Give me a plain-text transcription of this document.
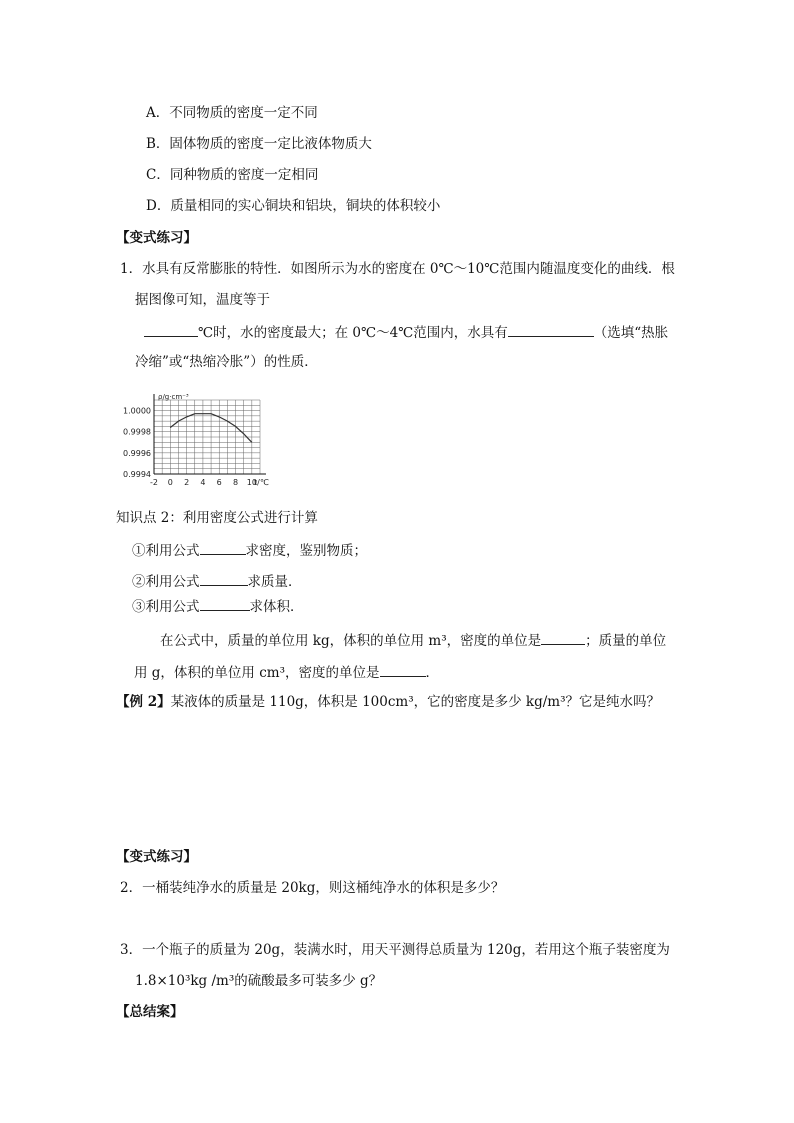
A．不同物质的密度一定不同
B．固体物质的密度一定比液体物质大
C．同种物质的密度一定相同
D．质量相同的实心铜块和铝块，铜块的体积较小
【变式练习】
1．水具有反常膨胀的特性．如图所示为水的密度在 0℃～10℃范围内随温度变化的曲线．根
据图像可知，温度等于
℃时，水的密度最大；在 0℃～4℃范围内，水具有	（选填“热胀
冷缩”或“热缩冷胀”）的性质．
1.0000
0.9998
0.9996
0.9994
-2 0 2 4 6 8 10
ρ/g·cm⁻³
t/℃
知识点 2：利用密度公式进行计算
①利用公式	求密度，鉴别物质；
②利用公式	求质量．
③利用公式	求体积．
在公式中，质量的单位用 kg，体积的单位用 m³，密度的单位是	；质量的单位
用 g，体积的单位用 cm³，密度的单位是	．
【例 2】某液体的质量是 110g，体积是 100cm³，它的密度是多少 kg/m³？它是纯水吗？
【变式练习】
2．一桶装纯净水的质量是 20kg，则这桶纯净水的体积是多少？
3．一个瓶子的质量为 20g，装满水时，用天平测得总质量为 120g，若用这个瓶子装密度为
1.8×10³kg /m³的硫酸最多可装多少 g？
【总结案】
